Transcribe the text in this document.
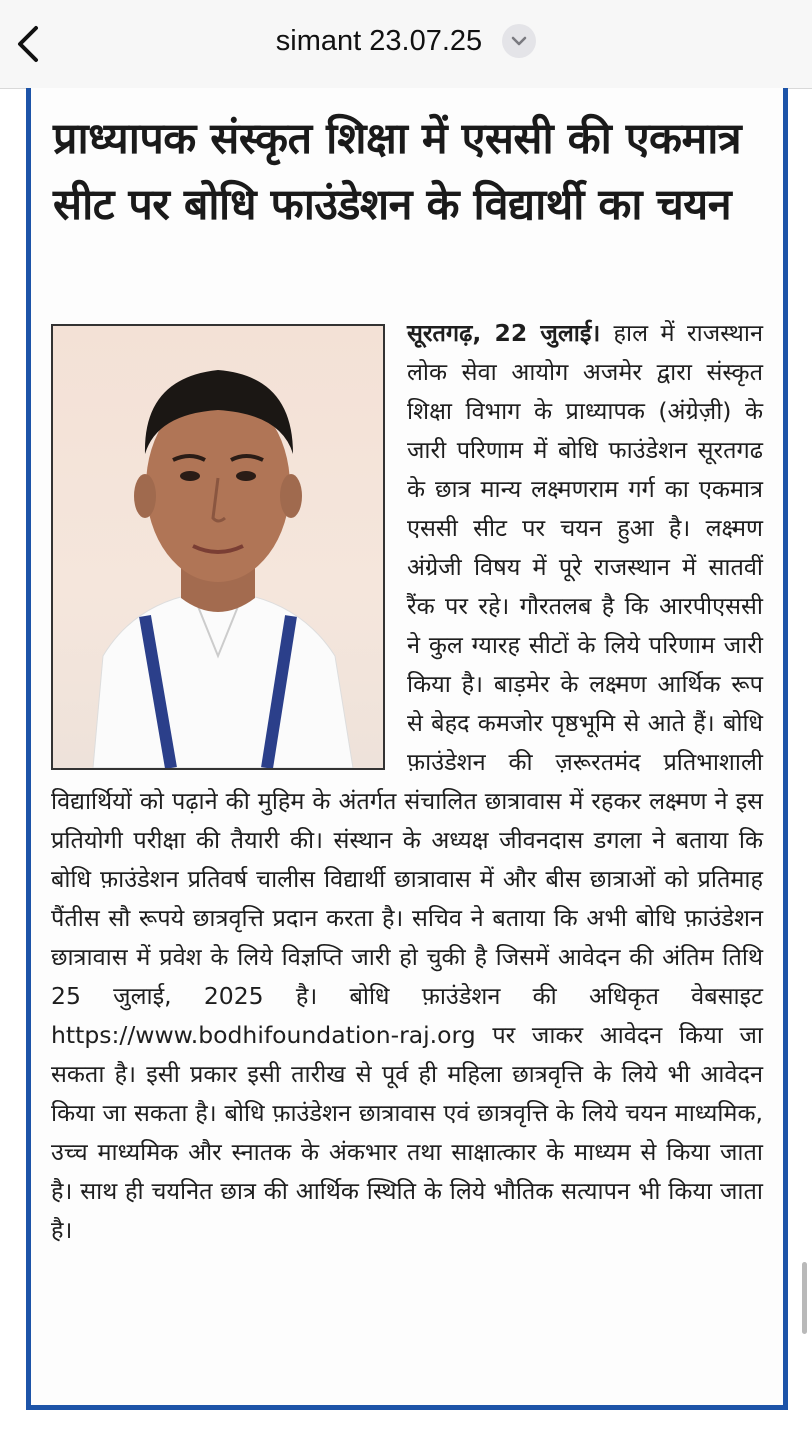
simant 23.07.25
प्राध्यापक संस्कृत शिक्षा में एससी की एकमात्र सीट पर बोधि फाउंडेशन के विद्यार्थी का चयन
सूरतगढ़, 22 जुलाई। हाल में राजस्थान लोक सेवा आयोग अजमेर द्वारा संस्कृत शिक्षा विभाग के प्राध्यापक (अंग्रेज़ी) के जारी परिणाम में बोधि फाउंडेशन सूरतगढ के छात्र मान्य लक्ष्मणराम गर्ग का एकमात्र एससी सीट पर चयन हुआ है। लक्ष्मण अंग्रेजी विषय में पूरे राजस्थान में सातवीं रैंक पर रहे। गौरतलब है कि आरपीएससी ने कुल ग्यारह सीटों के लिये परिणाम जारी किया है। बाड़मेर के लक्ष्मण आर्थिक रूप से बेहद कमजोर पृष्ठभूमि से आते हैं। बोधि फ़ाउंडेशन की ज़रूरतमंद प्रतिभाशाली विद्यार्थियों को पढ़ाने की मुहिम के अंतर्गत संचालित छात्रावास में रहकर लक्ष्मण ने इस प्रतियोगी परीक्षा की तैयारी की। संस्थान के अध्यक्ष जीवनदास डगला ने बताया कि बोधि फ़ाउंडेशन प्रतिवर्ष चालीस विद्यार्थी छात्रावास में और बीस छात्राओं को प्रतिमाह पैंतीस सौ रूपये छात्रवृत्ति प्रदान करता है। सचिव ने बताया कि अभी बोधि फ़ाउंडेशन छात्रावास में प्रवेश के लिये विज्ञप्ति जारी हो चुकी है जिसमें आवेदन की अंतिम तिथि 25 जुलाई, 2025 है। बोधि फ़ाउंडेशन की अधिकृत वेबसाइट https://www.bodhifoundation-raj.org पर जाकर आवेदन किया जा सकता है। इसी प्रकार इसी तारीख से पूर्व ही महिला छात्रवृत्ति के लिये भी आवेदन किया जा सकता है। बोधि फ़ाउंडेशन छात्रावास एवं छात्रवृत्ति के लिये चयन माध्यमिक, उच्च माध्यमिक और स्नातक के अंकभार तथा साक्षात्कार के माध्यम से किया जाता है। साथ ही चयनित छात्र की आर्थिक स्थिति के लिये भौतिक सत्यापन भी किया जाता है।
